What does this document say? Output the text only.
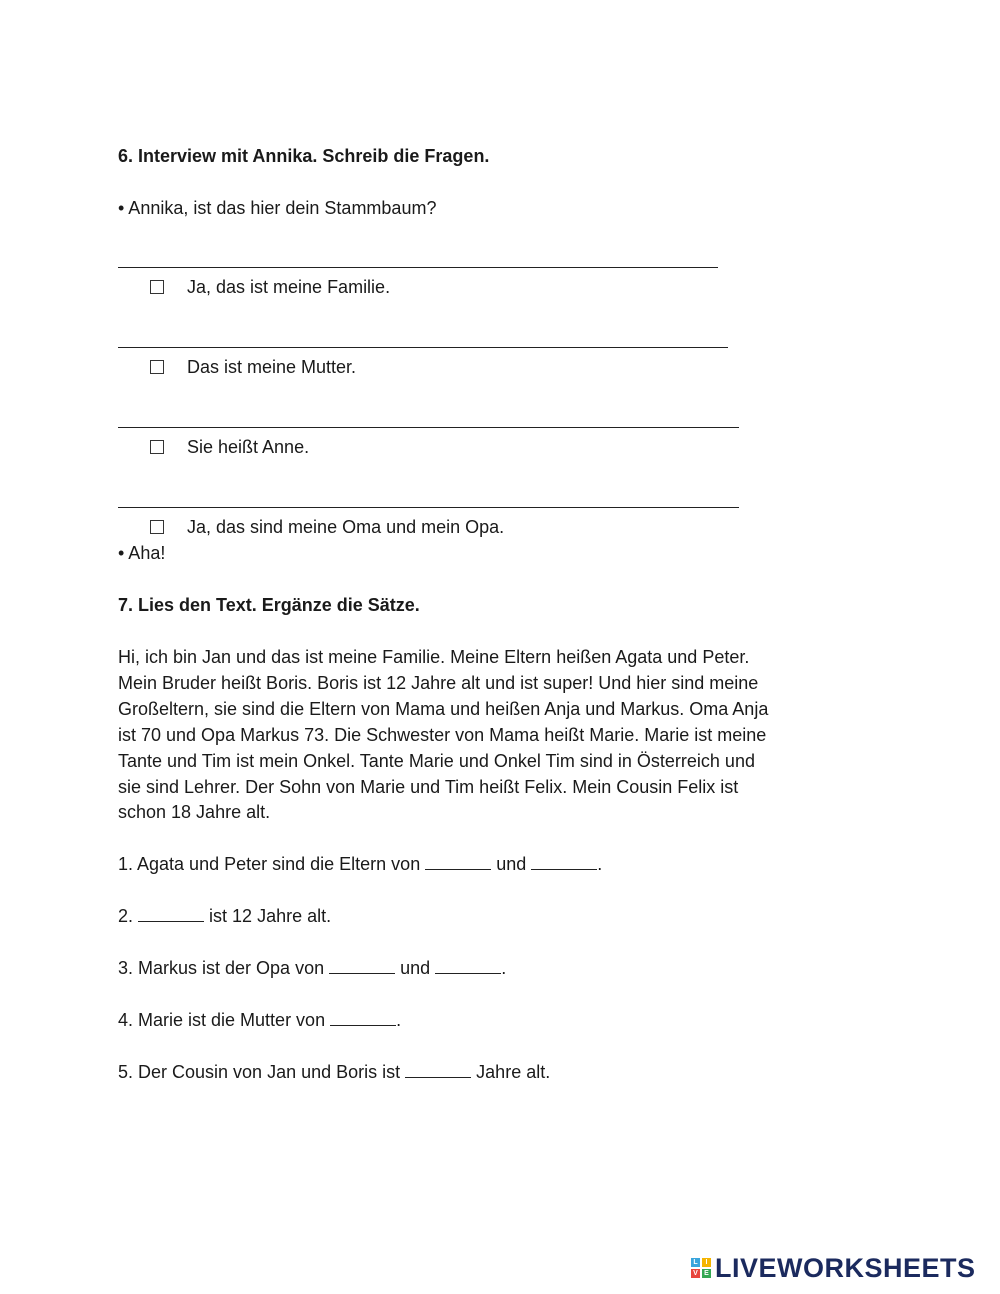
6. Interview mit Annika. Schreib die Fragen.
• Annika, ist das hier dein Stammbaum?
Ja, das ist meine Familie.
Das ist meine Mutter.
Sie heißt Anne.
Ja, das sind meine Oma und mein Opa.
• Aha!
7. Lies den Text. Ergänze die Sätze.
Hi, ich bin Jan und das ist meine Familie. Meine Eltern heißen Agata und Peter.
Mein Bruder heißt Boris. Boris ist 12 Jahre alt und ist super! Und hier sind meine
Großeltern, sie sind die Eltern von Mama und heißen Anja und Markus. Oma Anja
ist 70 und Opa Markus 73. Die Schwester von Mama heißt Marie. Marie ist meine
Tante und Tim ist mein Onkel. Tante Marie und Onkel Tim sind in Österreich und
sie sind Lehrer. Der Sohn von Marie und Tim heißt Felix. Mein Cousin Felix ist
schon 18 Jahre alt.
1. Agata und Peter sind die Eltern von	und	.
2.	ist 12 Jahre alt.
3. Markus ist der Opa von	und	.
4. Marie ist die Mutter von	.
5. Der Cousin von Jan und Boris ist	Jahre alt.
L	I
V E LIVEWORKSHEETS
